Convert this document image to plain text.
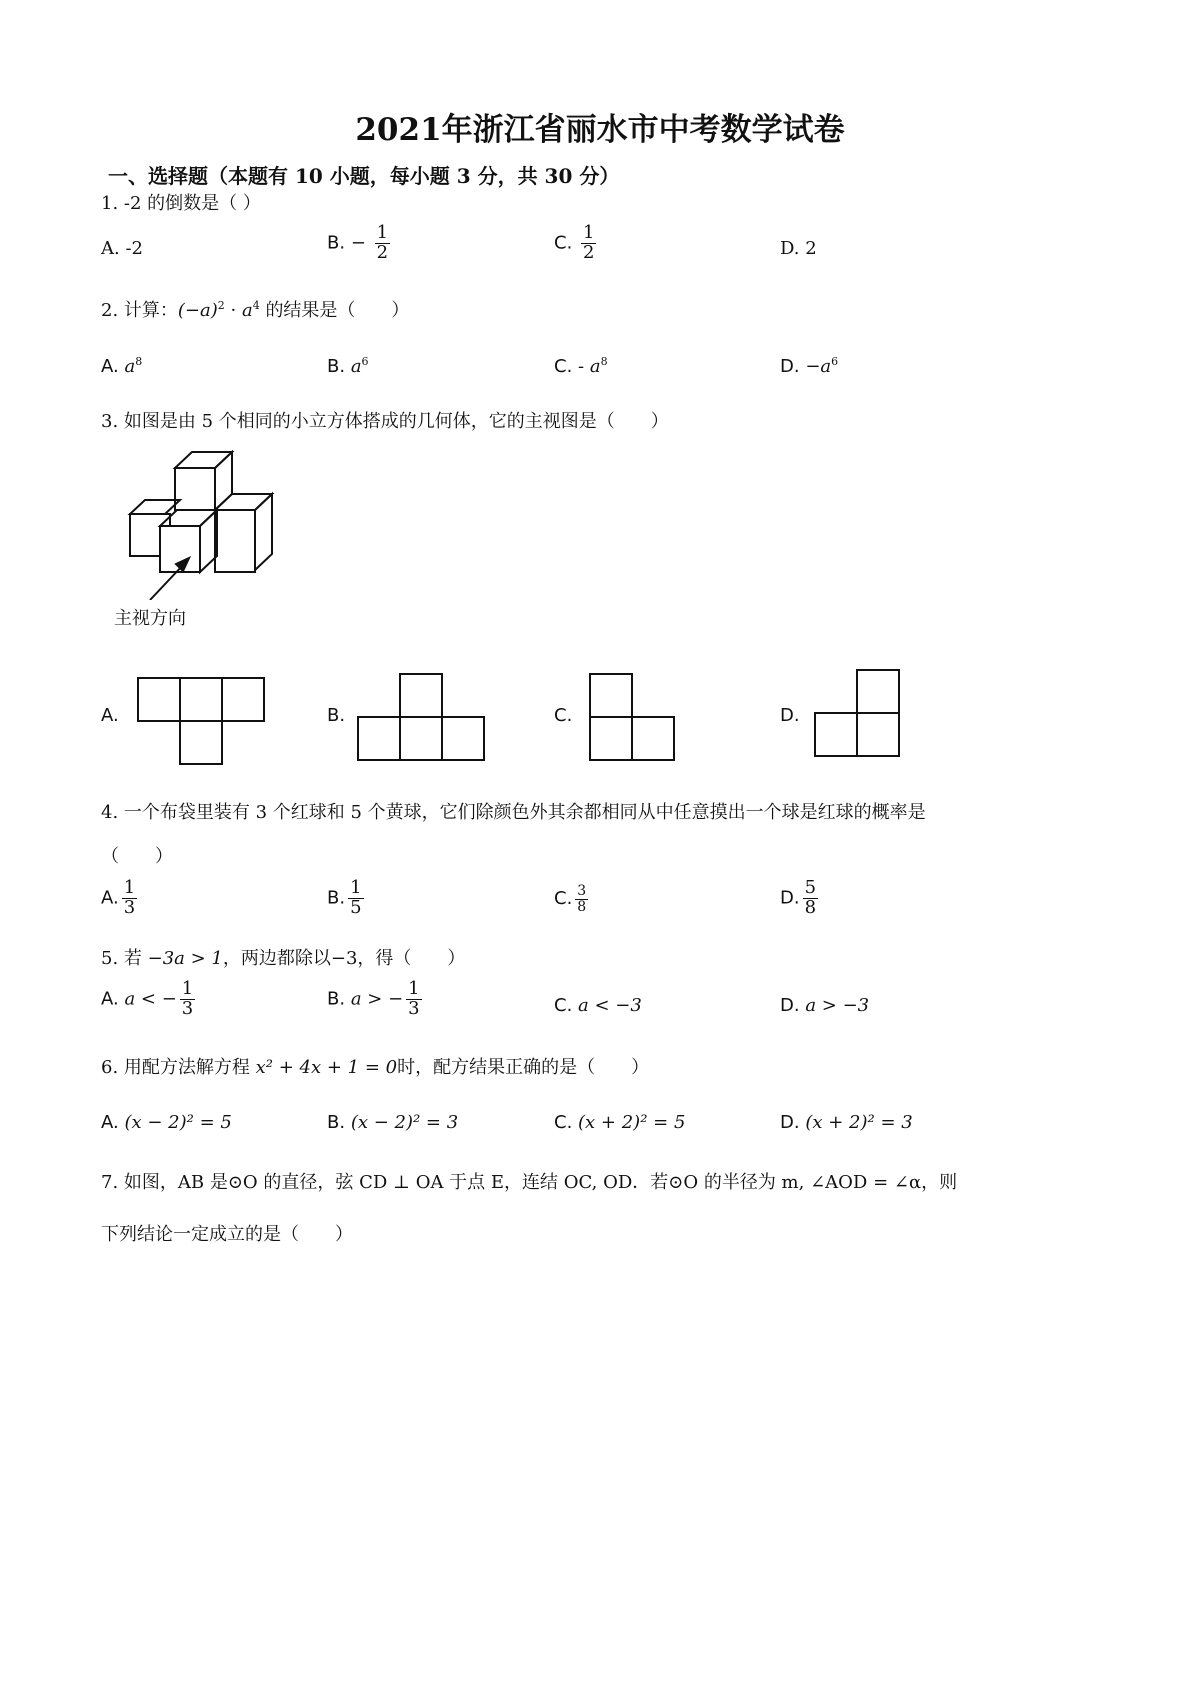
2021年浙江省丽水市中考数学试卷
一、选择题（本题有 10 小题，每小题 3 分，共 30 分）
1. -2 的倒数是（ ）
A. -2	B. − $\frac{1}{2}$	C. $\frac{1}{2}$	D. 2
2. 计算：$(-a)^2 \cdot a^4$ 的结果是（　　）
A. $a^8$	B. $a^6$	C. - $a^8$	D. $-a^6$
3. 如图是由 5 个相同的小立方体搭成的几何体，它的主视图是（　　）
主视方向
A.	B.	C.	D.
4. 一个布袋里装有 3 个红球和 5 个黄球，它们除颜色外其余都相同从中任意摸出一个球是红球的概率是
（　　）
A. $\frac{1}{3}$	B. $\frac{1}{5}$	C. $\frac{3}{8}$	D. $\frac{5}{8}$
5. 若 −3a > 1，两边都除以−3，得（　　）
A. a < − $\frac{1}{3}$	B. a > − $\frac{1}{3}$	C. a < −3	D. a > −3
6. 用配方法解方程 x² + 4x + 1 = 0时，配方结果正确的是（　　）
A. (x − 2)² = 5	B. (x − 2)² = 3	C. (x + 2)² = 5	D. (x + 2)² = 3
7. 如图，AB 是⊙O 的直径，弦 CD ⊥ OA 于点 E，连结 OC, OD．若⊙O 的半径为 m, ∠AOD = ∠α，则
下列结论一定成立的是（　　）
